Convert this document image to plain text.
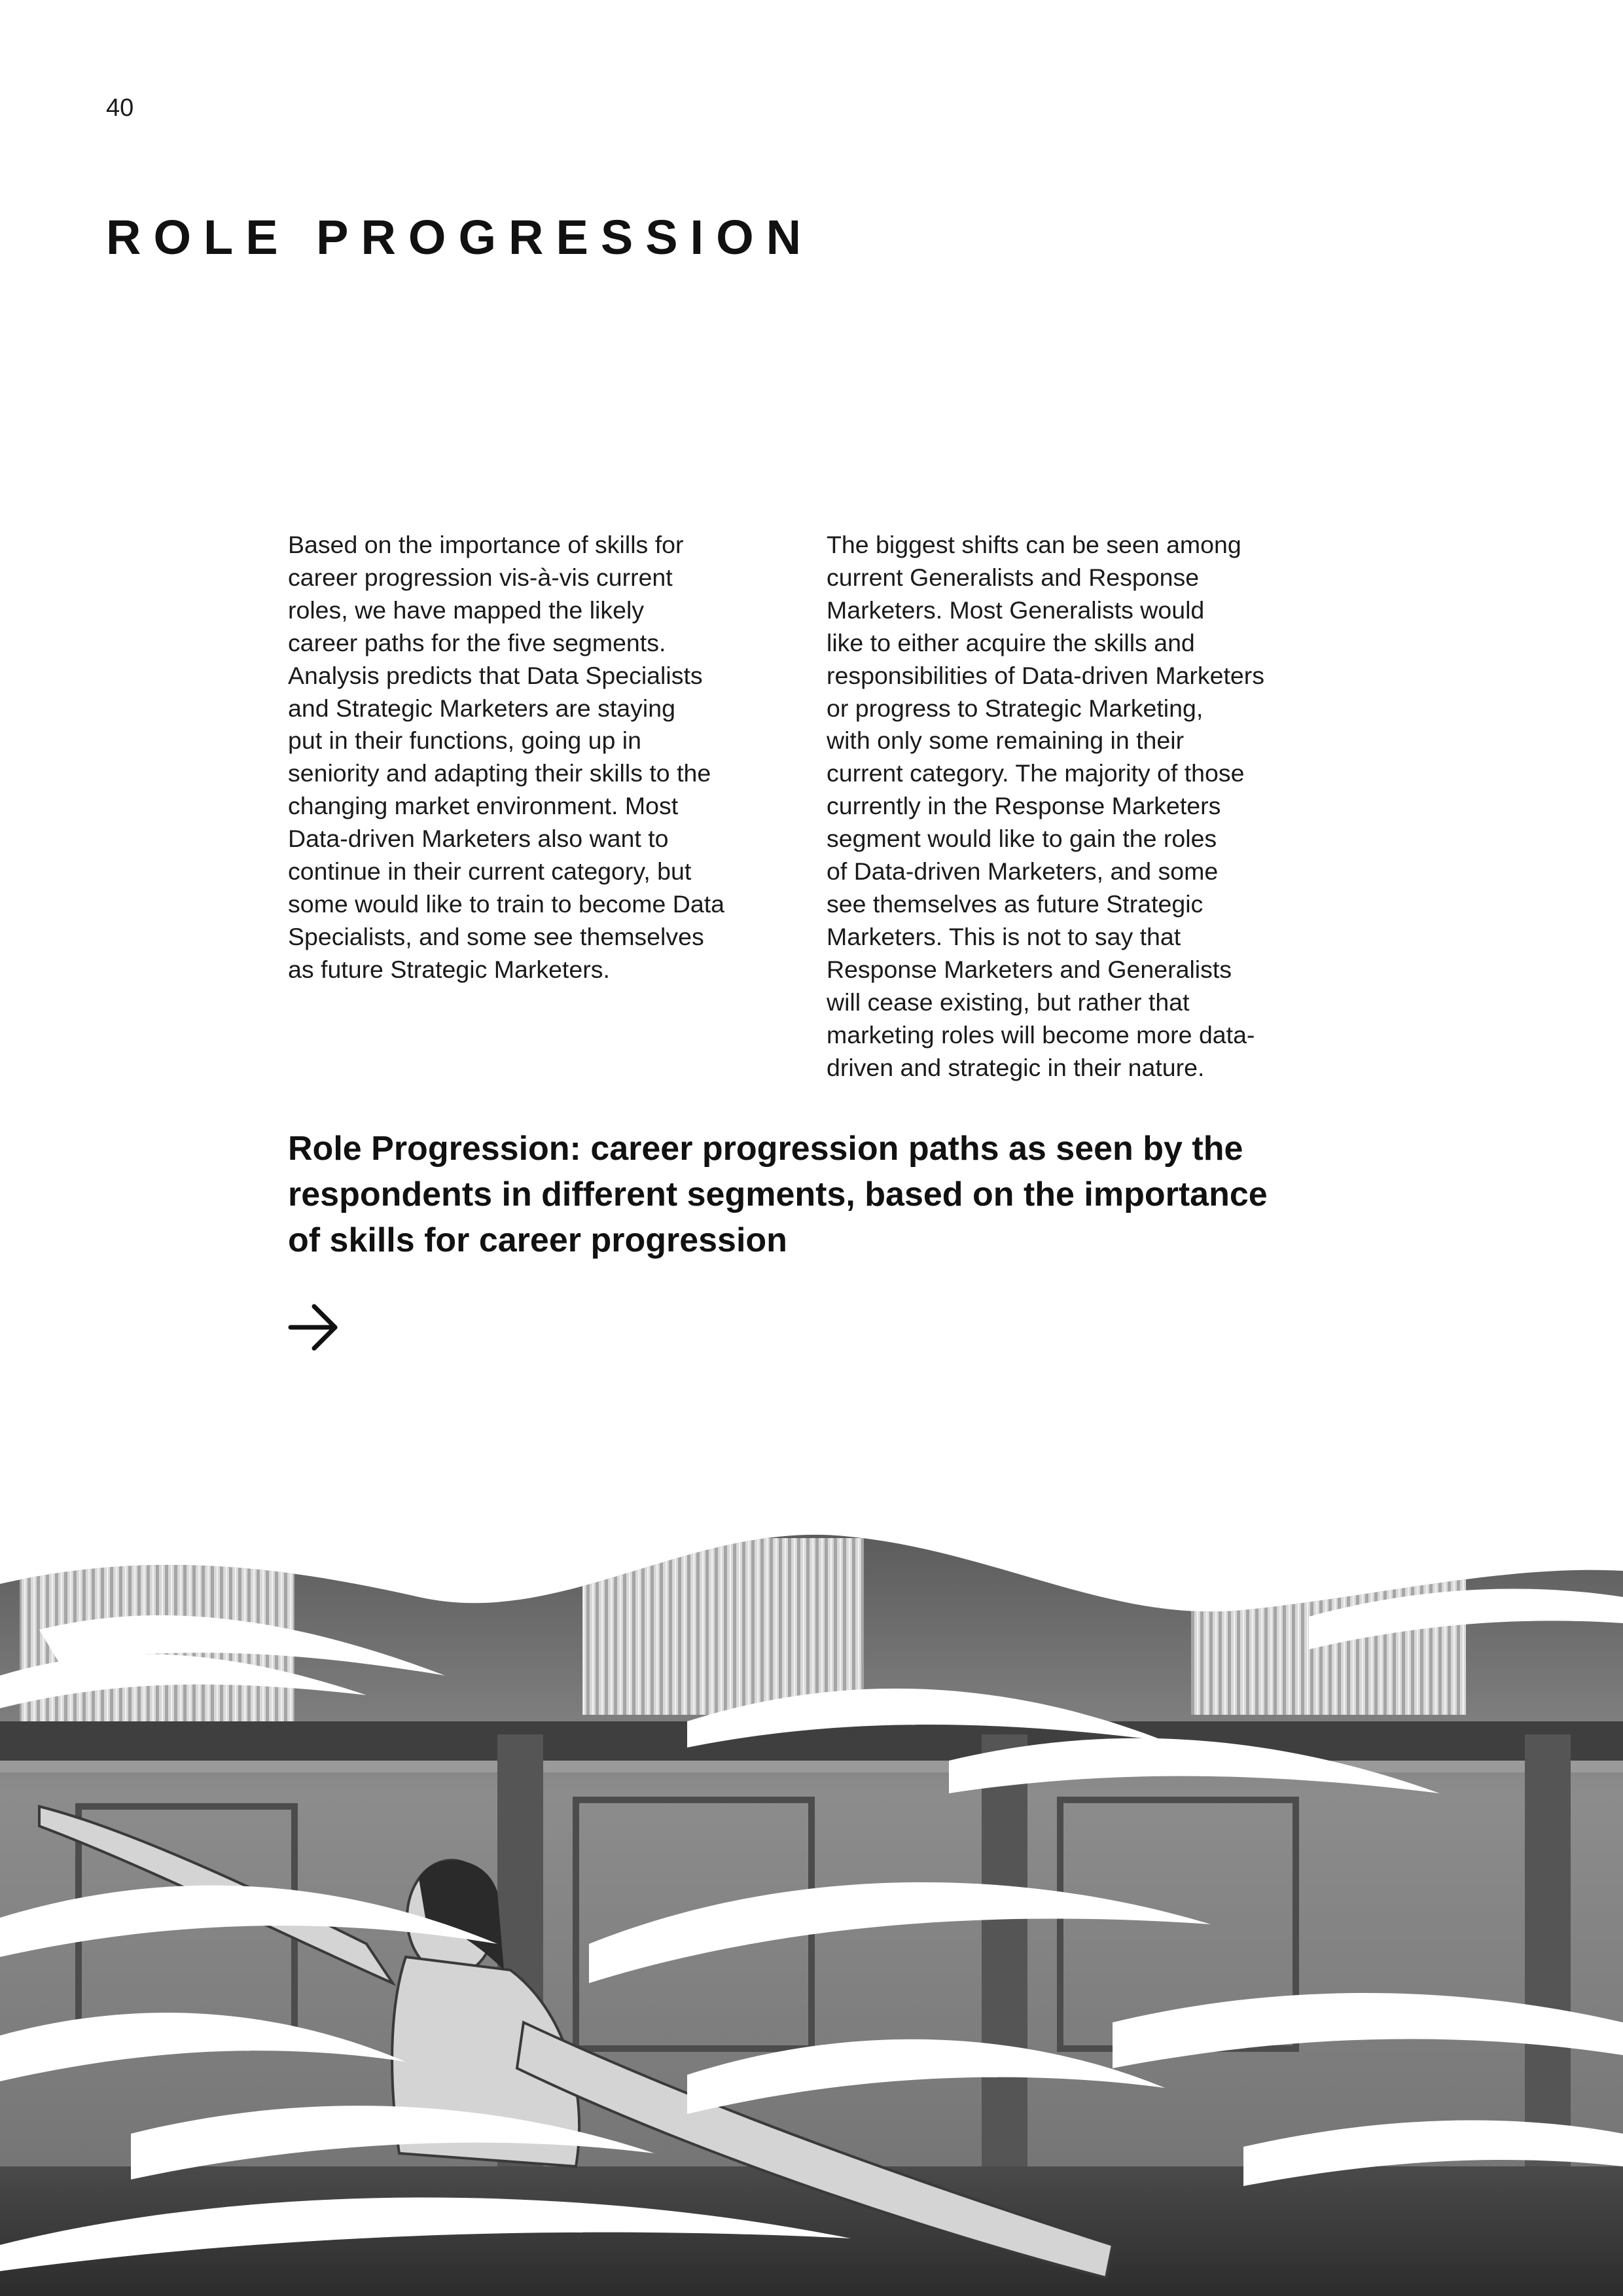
40
ROLE PROGRESSION

Based on the importance of skills for
career progression vis-à-vis current
roles, we have mapped the likely
career paths for the five segments.
Analysis predicts that Data Specialists
and Strategic Marketers are staying
put in their functions, going up in
seniority and adapting their skills to the
changing market environment. Most
Data-driven Marketers also want to
continue in their current category, but
some would like to train to become Data
Specialists, and some see themselves
as future Strategic Marketers.

The biggest shifts can be seen among
current Generalists and Response
Marketers. Most Generalists would
like to either acquire the skills and
responsibilities of Data-driven Marketers
or progress to Strategic Marketing,
with only some remaining in their
current category. The majority of those
currently in the Response Marketers
segment would like to gain the roles
of Data-driven Marketers, and some
see themselves as future Strategic
Marketers. This is not to say that
Response Marketers and Generalists
will cease existing, but rather that
marketing roles will become more data-
driven and strategic in their nature.

Role Progression: career progression paths as seen by the
respondents in different segments, based on the importance
of skills for career progression
